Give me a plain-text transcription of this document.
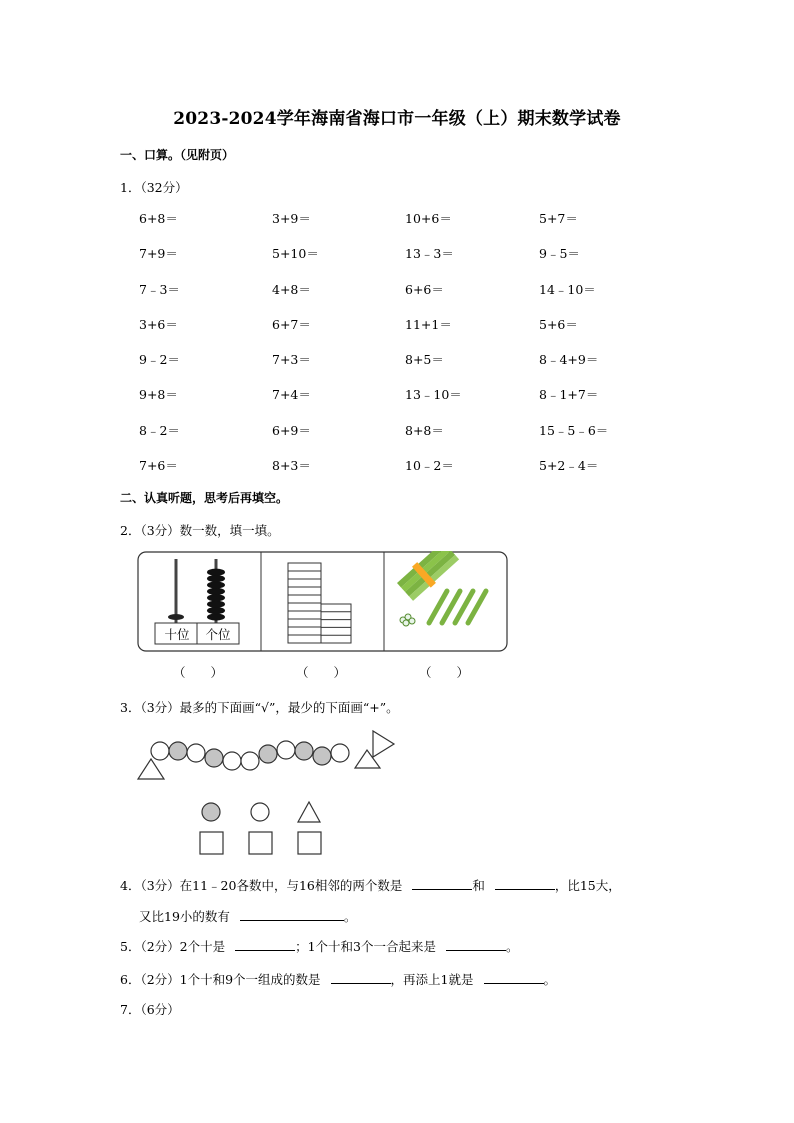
2023-2024学年海南省海口市一年级（上）期末数学试卷
一、口算。（见附页）
1．（32分）
6+8＝	3+9＝	10+6＝	5+7＝
7+9＝	5+10＝	13﹣3＝	9﹣5＝
7﹣3＝	4+8＝	6+6＝	14﹣10＝
3+6＝	6+7＝	11+1＝	5+6＝
9﹣2＝	7+3＝	8+5＝	8﹣4+9＝
9+8＝	7+4＝	13﹣10＝	8﹣1+7＝
8﹣2＝	6+9＝	8+8＝	15﹣5﹣6＝
7+6＝	8+3＝	10﹣2＝	5+2﹣4＝
二、认真听题，思考后再填空。
2．（3分）数一数，填一填。
十位	个位
（　　）	（　　）	（　　）
3．（3分）最多的下面画“√”，最少的下面画“+”。
4．（3分）在11﹣20各数中，与16相邻的两个数是	和	，比15大，
又比19小的数有	。
5．（2分）2个十是	；1个十和3个一合起来是	。
6．（2分）1个十和9个一组成的数是	，再添上1就是	。
7．（6分）
